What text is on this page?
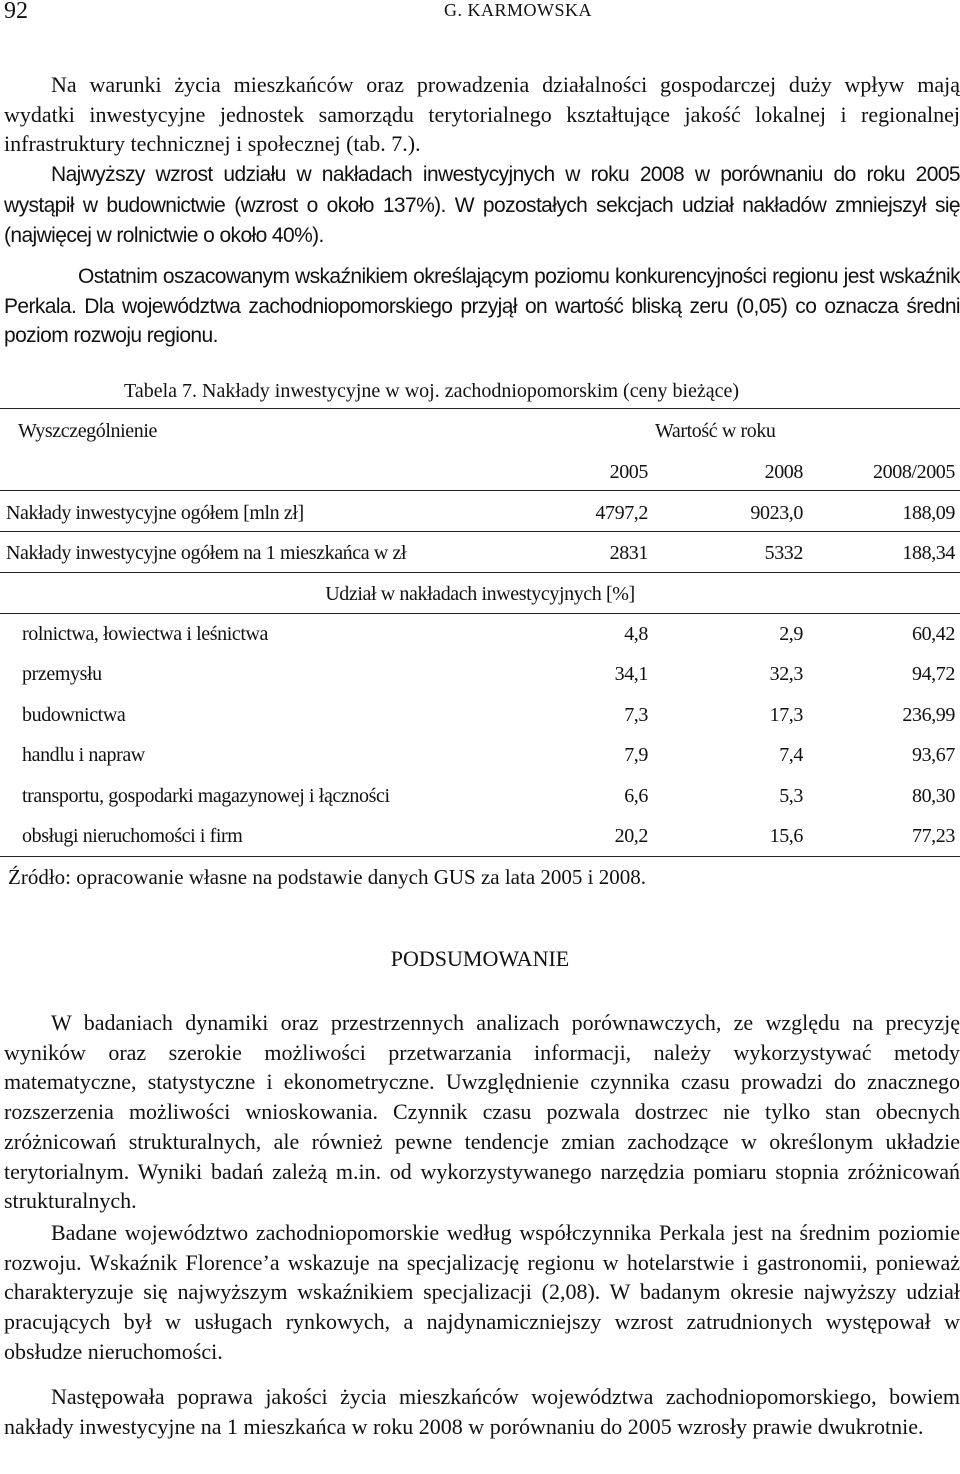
92	G. KARMOWSKA
Na warunki życia mieszkańców oraz prowadzenia działalności gospodarczej duży wpływ mają wydatki inwestycyjne jednostek samorządu terytorialnego kształtujące jakość lokalnej i regionalnej infrastruktury technicznej i społecznej (tab. 7.).
Najwyższy wzrost udziału w nakładach inwestycyjnych w roku 2008 w porównaniu do roku 2005 wystąpił w budownictwie (wzrost o około 137%). W pozostałych sekcjach udział nakładów zmniejszył się (najwięcej w rolnictwie o około 40%).
Ostatnim oszacowanym wskaźnikiem określającym poziomu konkurencyjności regionu jest wskaźnik Perkala. Dla województwa zachodniopomorskiego przyjął on wartość bliską zeru (0,05) co oznacza średni poziom rozwoju regionu.
Tabela 7. Nakłady inwestycyjne w woj. zachodniopomorskim (ceny bieżące)
Wyszczególnienie	Wartość w roku
2005	2008	2008/2005
Nakłady inwestycyjne ogółem [mln zł]	4797,2	9023,0	188,09
Nakłady inwestycyjne ogółem na 1 mieszkańca w zł	2831	5332	188,34
Udział w nakładach inwestycyjnych [%]
rolnictwa, łowiectwa i leśnictwa	4,8	2,9	60,42
przemysłu	34,1	32,3	94,72
budownictwa	7,3	17,3	236,99
handlu i napraw	7,9	7,4	93,67
transportu, gospodarki magazynowej i łączności	6,6	5,3	80,30
obsługi nieruchomości i firm	20,2	15,6	77,23
Źródło: opracowanie własne na podstawie danych GUS za lata 2005 i 2008.
PODSUMOWANIE
W badaniach dynamiki oraz przestrzennych analizach porównawczych, ze względu na precyzję wyników oraz szerokie możliwości przetwarzania informacji, należy wykorzystywać metody matematyczne, statystyczne i ekonometryczne. Uwzględnienie czynnika czasu prowadzi do znacznego rozszerzenia możliwości wnioskowania. Czynnik czasu pozwala dostrzec nie tylko stan obecnych zróżnicowań strukturalnych, ale również pewne tendencje zmian zachodzące w określonym układzie terytorialnym. Wyniki badań zależą m.in. od wykorzystywanego narzędzia pomiaru stopnia zróżnicowań strukturalnych.
Badane województwo zachodniopomorskie według współczynnika Perkala jest na średnim poziomie rozwoju. Wskaźnik Florence’a wskazuje na specjalizację regionu w hotelarstwie i gastronomii, ponieważ charakteryzuje się najwyższym wskaźnikiem specjalizacji (2,08). W badanym okresie najwyższy udział pracujących był w usługach rynkowych, a najdynamiczniejszy wzrost zatrudnionych występował w obsłudze nieruchomości.
Następowała poprawa jakości życia mieszkańców województwa zachodniopomorskiego, bowiem nakłady inwestycyjne na 1 mieszkańca w roku 2008 w porównaniu do 2005 wzrosły prawie dwukrotnie.
